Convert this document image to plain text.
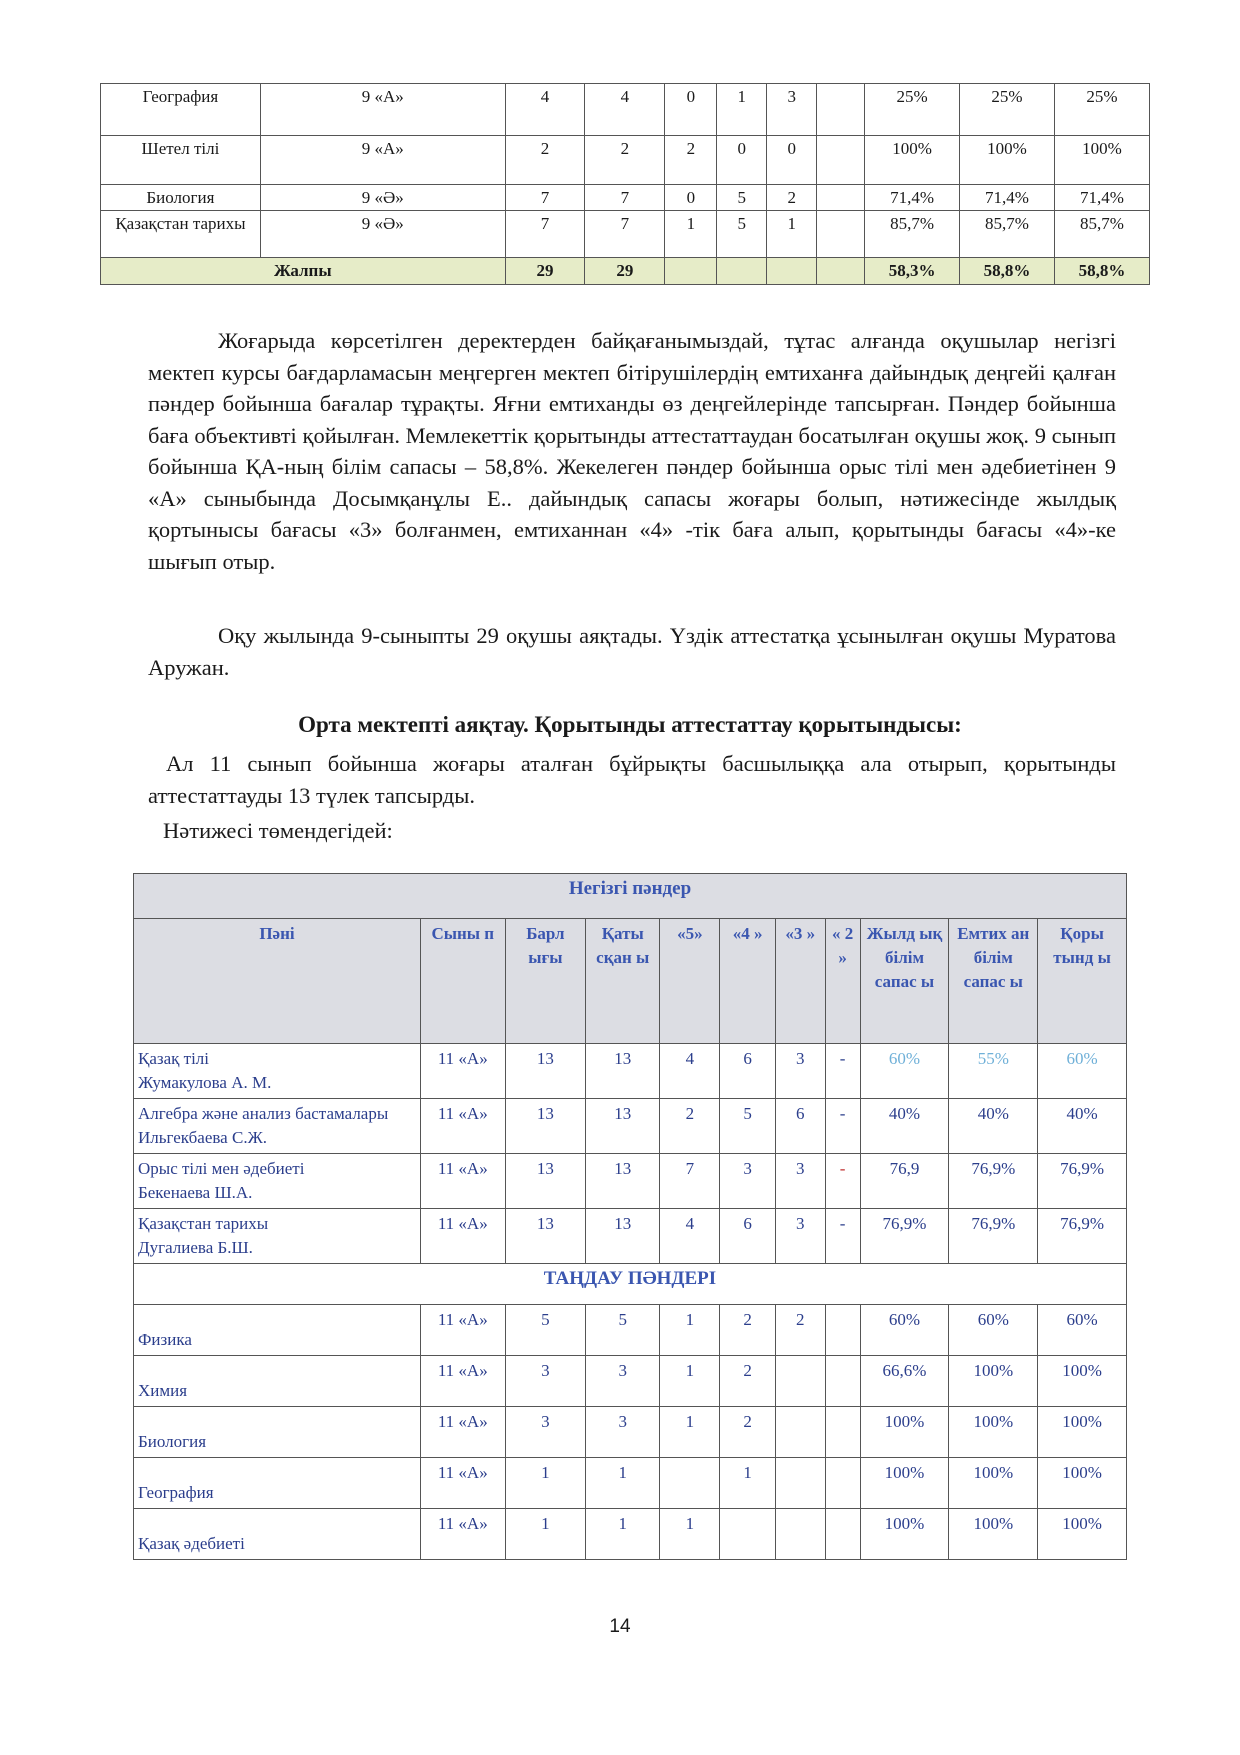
География	9 «А»	4	4	0	1	3		25%	25%	25%
Шетел тілі	9 «А»	2	2	2	0	0		100%	100%	100%
Биология	9 «Ә»	7	7	0	5	2		71,4%	71,4%	71,4%
Қазақстан тарихы	9 «Ә»	7	7	1	5	1		85,7%	85,7%	85,7%
Жалпы		29	29					58,3%	58,8%	58,8%
Жоғарыда көрсетілген деректерден байқағанымыздай, тұтас алғанда оқушылар негізгі мектеп курсы бағдарламасын меңгерген мектеп бітірушілердің емтиханға дайындық деңгейі қалған пәндер бойынша бағалар тұрақты. Яғни емтиханды өз деңгейлерінде тапсырған. Пәндер бойынша баға объективті қойылған. Мемлекеттік қорытынды аттестаттаудан босатылған оқушы жоқ. 9 сынып бойынша ҚА-ның білім сапасы – 58,8%. Жекелеген пәндер бойынша орыс тілі мен әдебиетінен 9 «А» сыныбында Досымқанұлы Е.. дайындық сапасы жоғары болып, нәтижесінде жылдық қортынысы бағасы «3» болғанмен, емтиханнан «4» -тік баға алып, қорытынды бағасы «4»-ке шығып отыр.
Оқу жылында 9-сыныпты 29 оқушы аяқтады. Үздік аттестатқа ұсынылған оқушы Муратова Аружан.
Орта мектепті аяқтау. Қорытынды аттестаттау қорытындысы:
Ал 11 сынып бойынша жоғары аталған бұйрықты басшылыққа ала отырып, қорытынды аттестаттауды 13 түлек тапсырды.
Нәтижесі төмендегідей:
Негізгі пәндер										
Пәні	Сыны п	Барл ығы	Қаты сқан ы	«5»	«4 »	«3 »	« 2 »	Жылд ық білім сапас ы	Емтих ан білім сапас ы	Қоры тынд ы

Қазақ тілі
Жумакулова А. М.	11 «А»	13	13	4	6	3	-	60%	55%	60%

Алгебра және анализ бастамалары
Ильгекбаева С.Ж.	11 «А»	13	13	2	5	6	-	40%	40%	40%

Орыс тілі мен әдебиеті
Бекенаева Ш.А.	11 «А»	13	13	7	3	3	-	76,9	76,9%	76,9%

Қазақстан тарихы
Дугалиева Б.Ш.	11 «А»	13	13	4	6	3	-	76,9%	76,9%	76,9%
ТАҢДАУ ПӘНДЕРІ										
Физика	11 «А»	5	5	1	2	2		60%	60%	60%
Химия	11 «А»	3	3	1	2			66,6%	100%	100%
Биология	11 «А»	3	3	1	2			100%	100%	100%
География	11 «А»	1	1		1			100%	100%	100%
Қазақ әдебиеті	11 «А»	1	1	1				100%	100%	100%
14
